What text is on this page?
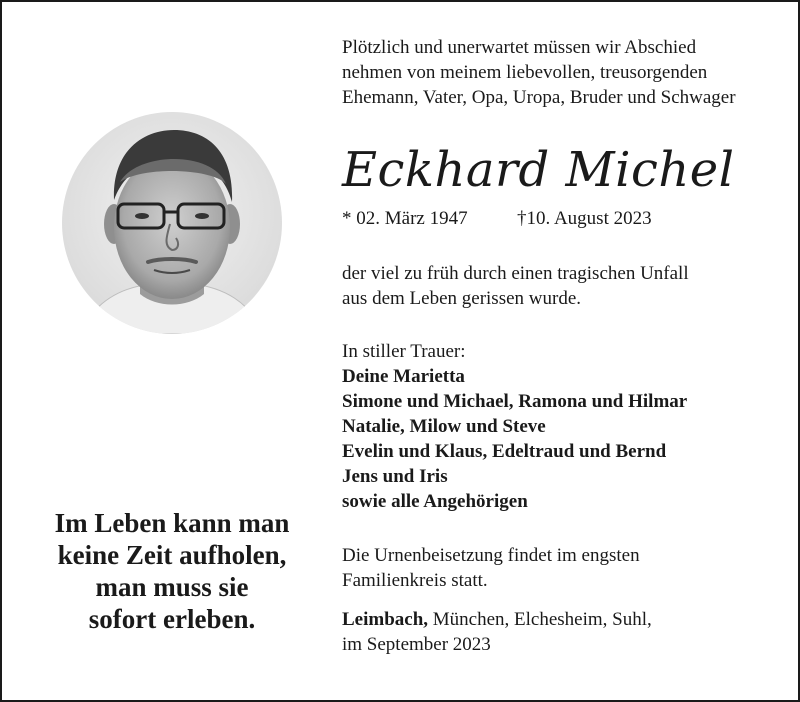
Im Leben kann man
keine Zeit aufholen,
man muss sie
sofort erleben.
Plötzlich und unerwartet müssen wir Abschied
nehmen von meinem liebevollen, treusorgenden
Ehemann, Vater, Opa, Uropa, Bruder und Schwager
Eckhard Michel
* 02. März 1947	†10. August 2023
der viel zu früh durch einen tragischen Unfall
aus dem Leben gerissen wurde.
In stiller Trauer:
Deine Marietta
Simone und Michael, Ramona und Hilmar
Natalie, Milow und Steve
Evelin und Klaus, Edeltraud und Bernd
Jens und Iris
sowie alle Angehörigen
Die Urnenbeisetzung findet im engsten
Familienkreis statt.
Leimbach, München, Elchesheim, Suhl,
im September 2023
